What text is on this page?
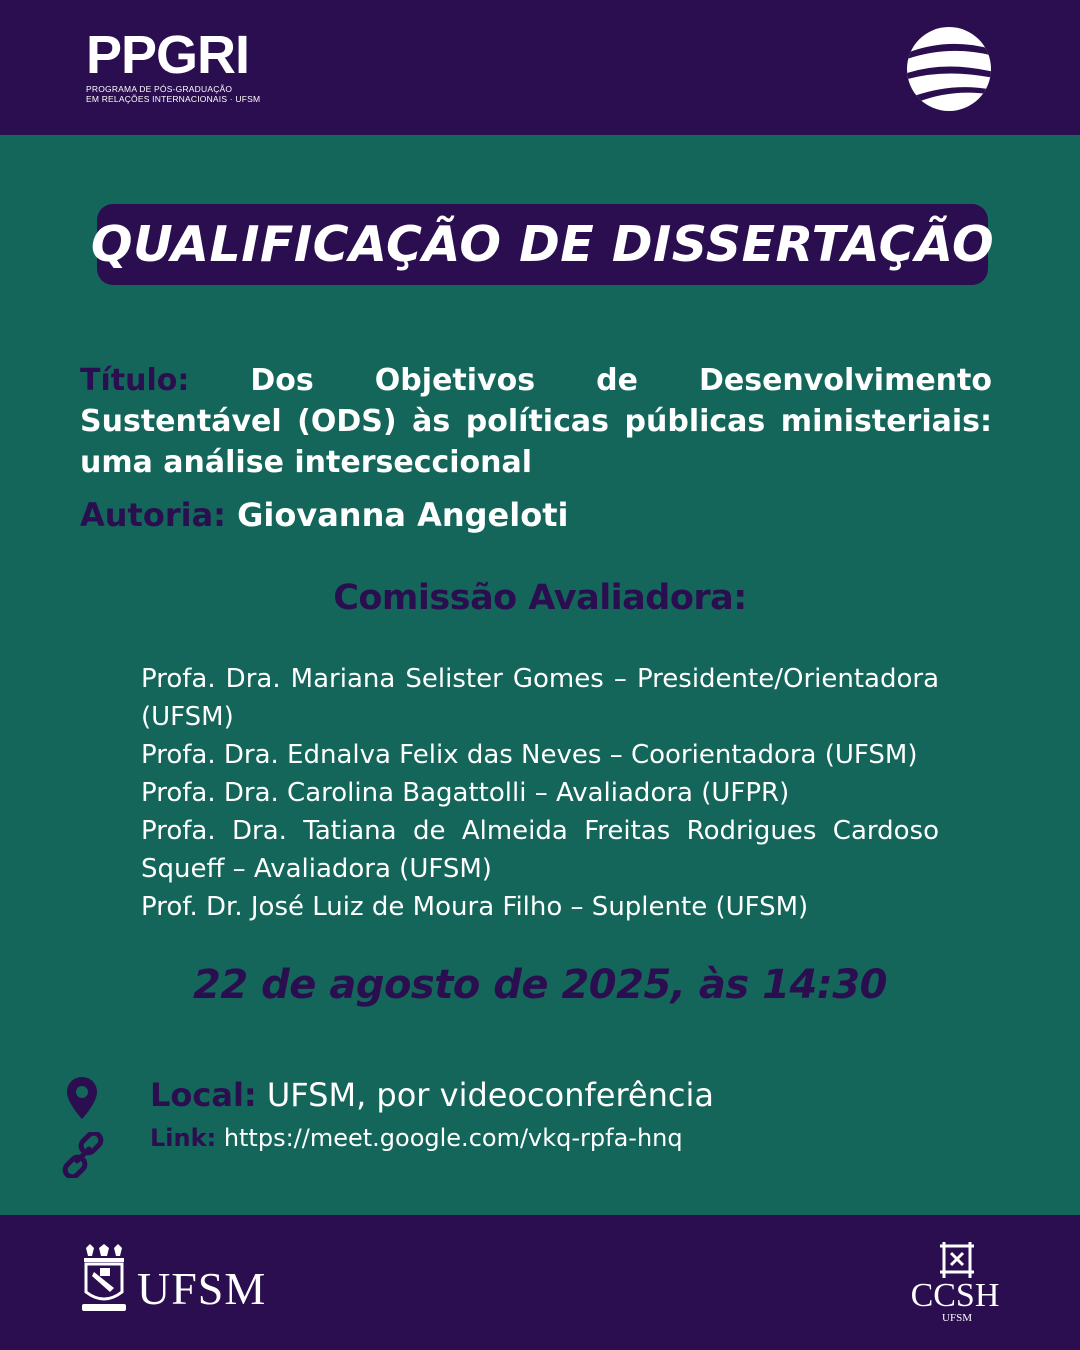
PPGRI
PROGRAMA DE PÓS-GRADUAÇÃO
EM RELAÇÕES INTERNACIONAIS · UFSM
QUALIFICAÇÃO DE DISSERTAÇÃO
Título: Dos Objetivos de Desenvolvimento Sustentável (ODS) às políticas públicas ministeriais: uma análise interseccional
Autoria: Giovanna Angeloti
Comissão Avaliadora:
Profa. Dra. Mariana Selister Gomes – Presidente/Orientadora (UFSM)
Profa. Dra. Ednalva Felix das Neves – Coorientadora (UFSM)
Profa. Dra. Carolina Bagattolli – Avaliadora (UFPR)
Profa. Dra. Tatiana de Almeida Freitas Rodrigues Cardoso Squeff – Avaliadora (UFSM)
Prof. Dr. José Luiz de Moura Filho – Suplente (UFSM)
22 de agosto de 2025, às 14:30
Local: UFSM, por videoconferência
Link: https://meet.google.com/vkq-rpfa-hnq
UFSM	CCSH
UFSM
